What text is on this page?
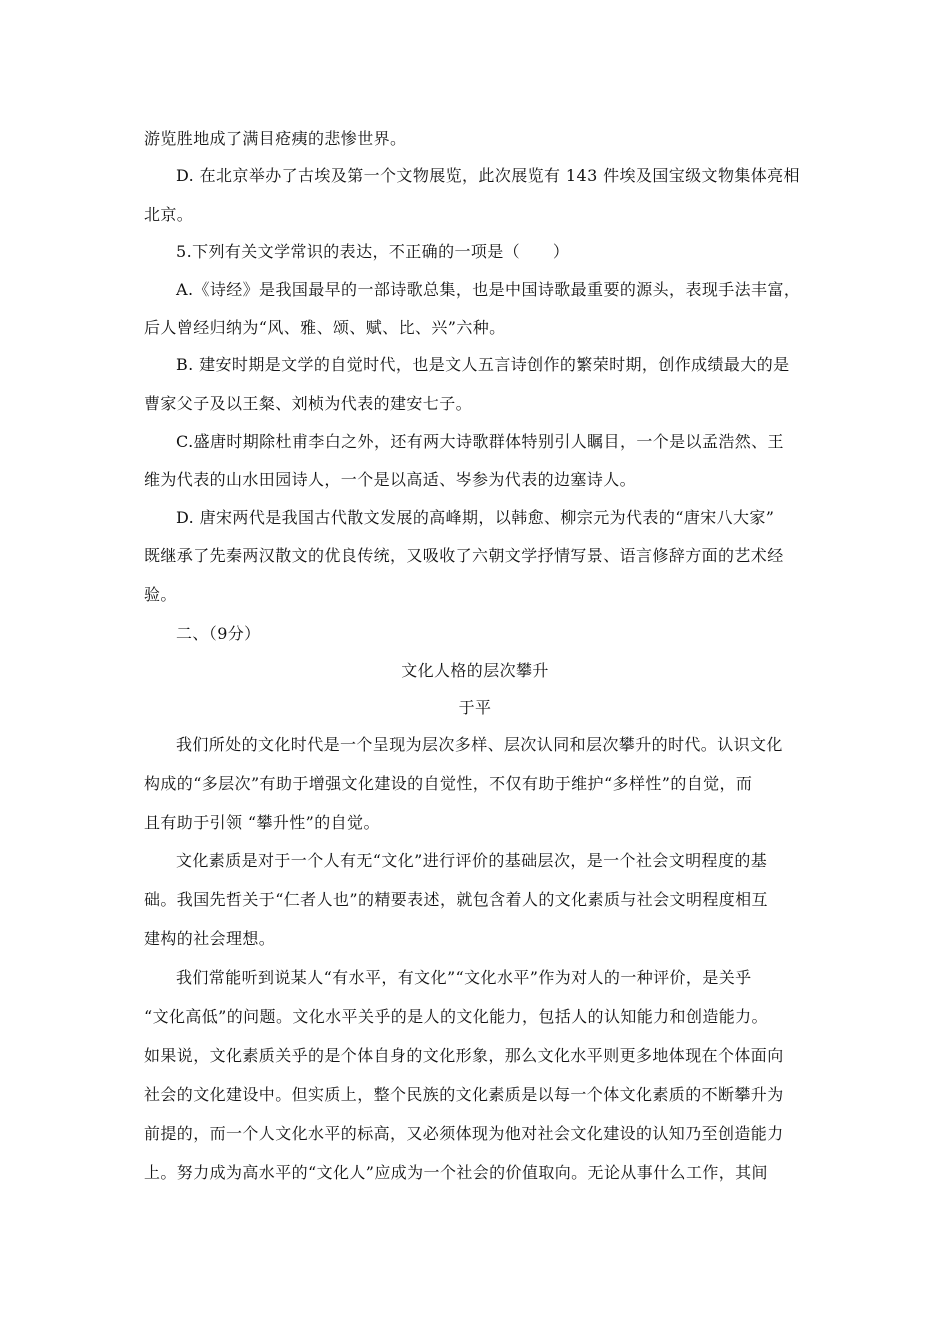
游览胜地成了满目疮痍的悲惨世界。
D. 在北京举办了古埃及第一个文物展览，此次展览有 143 件埃及国宝级文物集体亮相
北京。
5.下列有关文学常识的表达，不正确的一项是（　　）
A.《诗经》是我国最早的一部诗歌总集，也是中国诗歌最重要的源头，表现手法丰富，
后人曾经归纳为“风、雅、颂、赋、比、兴”六种。
B. 建安时期是文学的自觉时代，也是文人五言诗创作的繁荣时期，创作成绩最大的是
曹家父子及以王粲、刘桢为代表的建安七子。
C.盛唐时期除杜甫李白之外，还有两大诗歌群体特别引人瞩目，一个是以孟浩然、王
维为代表的山水田园诗人，一个是以高适、岑参为代表的边塞诗人。
D. 唐宋两代是我国古代散文发展的高峰期，以韩愈、柳宗元为代表的“唐宋八大家”
既继承了先秦两汉散文的优良传统，又吸收了六朝文学抒情写景、语言修辞方面的艺术经
验。
二、（9分）
文化人格的层次攀升
于平
我们所处的文化时代是一个呈现为层次多样、层次认同和层次攀升的时代。认识文化
构成的“多层次”有助于增强文化建设的自觉性，不仅有助于维护“多样性”的自觉，而
且有助于引领 “攀升性”的自觉。
文化素质是对于一个人有无“文化”进行评价的基础层次，是一个社会文明程度的基
础。我国先哲关于“仁者人也”的精要表述，就包含着人的文化素质与社会文明程度相互
建构的社会理想。
我们常能听到说某人“有水平，有文化”“文化水平”作为对人的一种评价，是关乎
“文化高低”的问题。文化水平关乎的是人的文化能力，包括人的认知能力和创造能力。
如果说，文化素质关乎的是个体自身的文化形象，那么文化水平则更多地体现在个体面向
社会的文化建设中。但实质上，整个民族的文化素质是以每一个体文化素质的不断攀升为
前提的，而一个人文化水平的标高，又必须体现为他对社会文化建设的认知乃至创造能力
上。努力成为高水平的“文化人”应成为一个社会的价值取向。无论从事什么工作，其间
